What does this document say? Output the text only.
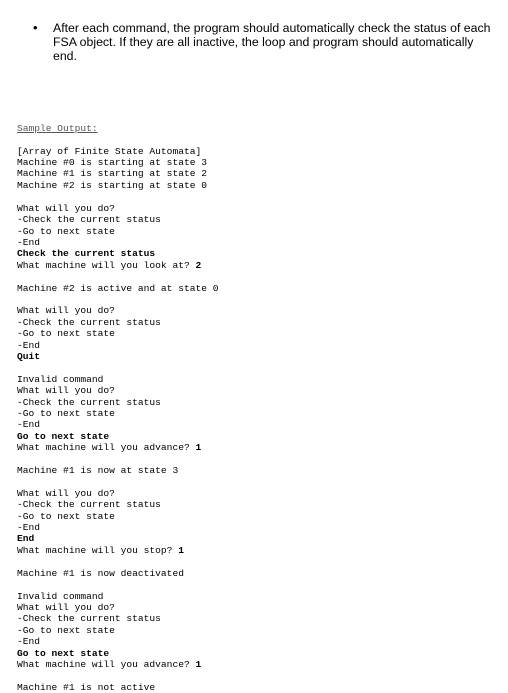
• After each command, the program should automatically check the status of each
FSA object. If they are all inactive, the loop and program should automatically
end.

Sample Output:

[Array of Finite State Automata]
Machine #0 is starting at state 3
Machine #1 is starting at state 2
Machine #2 is starting at state 0
What will you do?
-Check the current status
-Go to next state
-End
Check the current status
What machine will you look at? 2
Machine #2 is active and at state 0
What will you do?
-Check the current status
-Go to next state
-End
Quit
Invalid command
What will you do?
-Check the current status
-Go to next state
-End
Go to next state
What machine will you advance? 1
Machine #1 is now at state 3
What will you do?
-Check the current status
-Go to next state
-End
End
What machine will you stop? 1
Machine #1 is now deactivated
Invalid command
What will you do?
-Check the current status
-Go to next state
-End
Go to next state
What machine will you advance? 1
Machine #1 is not active
